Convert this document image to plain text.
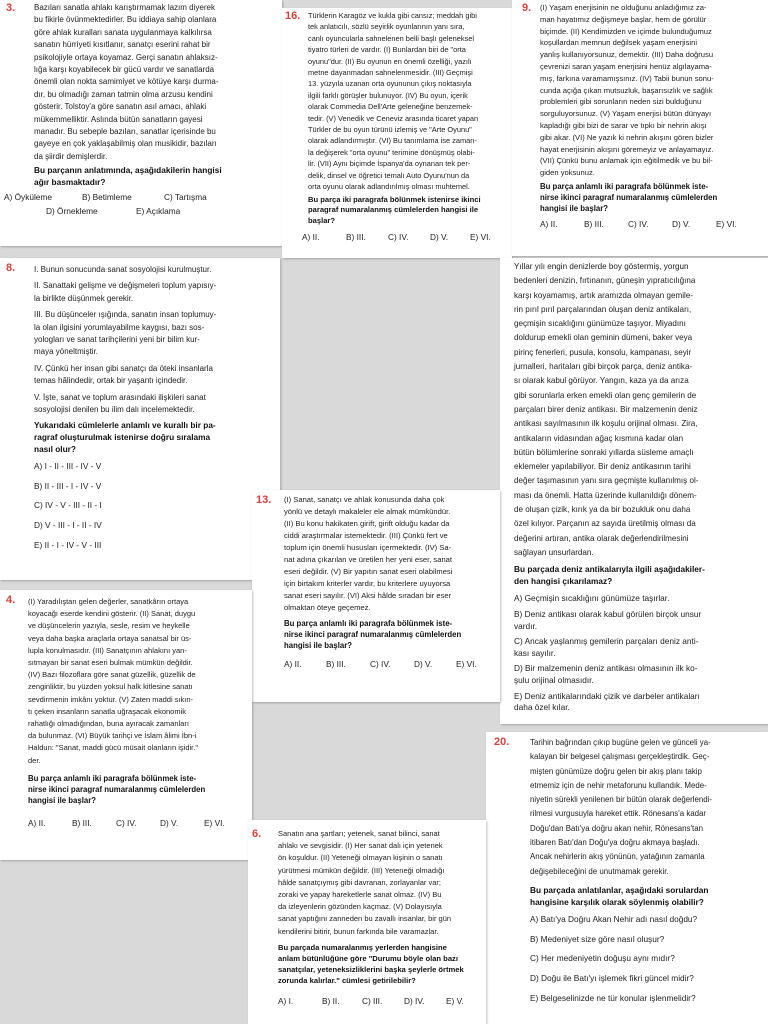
3. Bazıları sanatla ahlakı karıştırmamak lazım diyerek
bu fikirle övünmektedirler. Bu iddiaya sahip olanlara
göre ahlak kuralları sanata uygulanmaya kalkılırsa
sanatın hürriyeti kısıtlanır, sanatçı eserini rahat bir
psikolojiyle ortaya koyamaz. Gerçi sanatın ahlaksız-
lığa karşı koyabilecek bir gücü vardır ve sanatlarda
önemli olan nokta samimiyet ve kötüye karşı durma-
dır, bu olmadığı zaman tatmin olma arzusu kendini
gösterir. Tolstoy'a göre sanatın asıl amacı, ahlaki
mükemmelliktir. Aslında bütün sanatların gayesi
manadır. Bu sebeple bazıları, sanatlar içerisinde bu
gayeye en çok yaklaşabilmiş olan musikidir, bazıları
da şiirdir demişlerdir.

Bu parçanın anlatımında, aşağıdakilerin hangisi
ağır basmaktadır?

A) Öyküleme	B) Betimleme	C) Tartışma
D) Örnekleme	E) Açıklama
16. Türklerin Karagöz ve kukla gibi cansız; meddah gibi
tek anlatıcılı, sözlü seyirlik oyunlarının yanı sıra,
canlı oyuncularla sahnelenen belli başlı geleneksel
tiyatro türleri de vardır. (I) Bunlardan biri de "orta
oyunu"dur. (II) Bu oyunun en önemli özelliği, yazılı
metne dayanmadan sahnelenmesidir. (III) Geçmişi
13. yüzyıla uzanan orta oyununun çıkış noktasıyla
ilgili farklı görüşler bulunuyor. (IV) Bu oyun, içerik
olarak Commedia Dell'Arte geleneğine benzemek-
tedir. (V) Venedik ve Ceneviz arasında ticaret yapan
Türkler de bu oyun türünü izlemiş ve "Arte Oyunu"
olarak adlandırmıştır. (VI) Bu tanımlama ise zaman-
la değişerek "orta oyunu" terimine dönüşmüş olabi-
lir. (VII) Aynı biçimde İspanya'da oynanan tek per-
delik, dinsel ve öğretici temalı Auto Oyunu'nun da
orta oyunu olarak adlandırılmış olması muhtemel.

Bu parça iki paragrafa bölünmek istenirse ikinci
paragraf numaralanmış cümlelerden hangisi ile
başlar?

A) II.	B) III.	C) IV.	D) V.	E) VI.
9. (I) Yaşam enerjisinin ne olduğunu anladığımız za-
man hayatımız değişmeye başlar, hem de görülür
biçimde. (II) Kendimizden ve içimde bulunduğumuz
koşullardan memnun değilsek yaşam enerjisini
yanlış kullanıyorsunuz, demektir. (III) Daha doğrusu
çevrenizi saran yaşam enerjisini henüz algılayama-
mış, farkına varamamışsınız. (IV) Tabii bunun sonu-
cunda açığa çıkan mutsuzluk, başarısızlık ve sağlık
problemleri gibi sorunların neden sizi bulduğunu
sorguluyorsunuz. (V) Yaşam enerjisi bütün dünyayı
kapladığı gibi bizi de sarar ve tıpkı bir nehrin akışı
gibi akar. (VI) Ne yazık ki nehrin akışını gören bizler
hayat enerjisinin akışını göremeyiz ve anlayamayız.
(VII) Çünkü bunu anlamak için eğitilmedik ve bu bil-
giden yoksunuz.

Bu parça anlamlı iki paragrafa bölünmek iste-
nirse ikinci paragraf numaralanmış cümlelerden
hangisi ile başlar?

A) II.	B) III.	C) IV.	D) V.	E) VI.
8. I. Bunun sonucunda sanat sosyolojisi kurulmuştur.

II. Sanattaki gelişme ve değişmeleri toplum yapısıy-
la birlikte düşünmek gerekir.

III. Bu düşünceler ışığında, sanatın insan toplumuy-
la olan ilgisini yorumlayabilme kaygısı, bazı sos-
yologları ve sanat tarihçilerini yeni bir bilim kur-
maya yöneltmiştir.

IV. Çünkü her insan gibi sanatçı da öteki insanlarla
temas hâlindedir, ortak bir yaşantı içindedir.

V. İşte, sanat ve toplum arasındaki ilişkileri sanat
sosyolojisi denilen bu ilim dalı incelemektedir.

Yukarıdaki cümlelerle anlamlı ve kurallı bir pa-
ragraf oluşturulmak istenirse doğru sıralama
nasıl olur?

A) I - II - III - IV - V
B) II - III - I - IV - V
C) IV - V - III - II - I
D) V - III - I - II - IV
E) II - I - IV - V - III

Yıllar yılı engin denizlerde boy göstermiş, yorgun
bedenleri denizin, fırtınanın, güneşin yıpratıcılığına
karşı koyamamış, artık aramızda olmayan gemile-
rin pırıl pırıl parçalarından oluşan deniz antikaları,
geçmişin sıcaklığını günümüze taşıyor. Miyadını
doldurup emekli olan geminin dümeni, baker veya
pirinç fenerleri, pusula, konsolu, kampanası, seyir
jurnalleri, haritaları gibi birçok parça, deniz antika-
sı olarak kabul görüyor. Yangın, kaza ya da arıza
gibi sorunlarla erken emekli olan genç gemilerin de
parçaları birer deniz antikası. Bir malzemenin deniz
antikası sayılmasının ilk koşulu orijinal olması. Zira,
antikaların vidasından ağaç kısmına kadar olan
bütün bölümlerine sonraki yıllarda süsleme amaçlı
eklemeler yapılabiliyor. Bir deniz antikasının tarihi
değer taşımasının yanı sıra geçmişte kullanılmış ol-
ması da önemli. Hatta üzerinde kullanıldığı dönem-
de oluşan çizik, kırık ya da bir bozukluk onu daha
özel kılıyor. Parçanın az sayıda üretilmiş olması da
değerini artıran, antika olarak değerlendirilmesini
sağlayan unsurlardan.

Bu parçada deniz antikalarıyla ilgili aşağıdakiler-
den hangisi çıkarılamaz?

A) Geçmişin sıcaklığını günümüze taşırlar.
B) Deniz antikası olarak kabul görülen birçok unsur
vardır.
C) Ancak yaşlanmış gemilerin parçaları deniz anti-
kası sayılır.
D) Bir malzemenin deniz antikası olmasının ilk ko-
şulu orijinal olmasıdır.
E) Deniz antikalarındaki çizik ve darbeler antikaları
daha özel kılar.
13. (I) Sanat, sanatçı ve ahlak konusunda daha çok
yönlü ve detaylı makaleler ele almak mümkündür.
(II) Bu konu hakikaten girift, girift olduğu kadar da
ciddi araştırmalar istemektedir. (III) Çünkü fert ve
toplum için önemli hususları içermektedir. (IV) Sa-
nat adına çıkarılan ve üretilen her yeni eser, sanat
eseri değildir. (V) Bir yapıtın sanat eseri olabilmesi
için birtakım kriterler vardır, bu kriterlere uyuyorsa
sanat eseri sayılır. (VI) Aksi hâlde sıradan bir eser
olmaktan öteye geçemez.

Bu parça anlamlı iki paragrafa bölünmek iste-
nirse ikinci paragraf numaralanmış cümlelerden
hangisi ile başlar?

A) II.	B) III.	C) IV.	D) V.	E) VI.
4. (I) Yaradılıştan gelen değerler, sanatkârın ortaya
koyacağı eserde kendini gösterir. (II) Sanat, duygu
ve düşüncelerin yazıyla, sesle, resim ve heykelle
veya daha başka araçlarla ortaya sanatsal bir üs-
lupla konulmasıdır. (III) Sanatçının ahlakını yan-
sıtmayan bir sanat eseri bulmak mümkün değildir.
(IV) Bazı filozoflara göre sanat güzellik, güzellik de
zenginliktir, bu yüzden yoksul halk kitlesine sanatı
sevdirmenin imkânı yoktur. (V) Zaten maddi sıkın-
tı çeken insanların sanatla uğraşacak ekonomik
rahatlığı olmadığından, buna ayıracak zamanları
da bulunmaz. (VI) Büyük tarihçi ve İslam âlimi İbn-i
Haldun: "Sanat, maddi gücü müsait olanların işidir."
der.

Bu parça anlamlı iki paragrafa bölünmek iste-
nirse ikinci paragraf numaralanmış cümlelerden
hangisi ile başlar?

A) II.	B) III.	C) IV.	D) V.	E) VI.
20.	Tarihin bağrından çıkıp bugüne gelen ve günceli ya-
kalayan bir belgesel çalışması gerçekleştirdik. Geç-
mişten günümüze doğru gelen bir akış planı takip
etmemiz için de nehir metaforunu kullandık. Mede-
niyetin sürekli yenilenen bir bütün olarak değerlendi-
rilmesi vurgusuyla hareket ettik. Rönesans'a kadar
Doğu'dan Batı'ya doğru akan nehir, Rönesans'tan
itibaren Batı'dan Doğu'ya doğru akmaya başladı.
Ancak nehirlerin akış yönünün, yatağının zamanla
değişebileceğini de unutmamak gerekir.

Bu parçada anlatılanlar, aşağıdaki sorulardan
hangisine karşılık olarak söylenmiş olabilir?

A) Batı'ya Doğru Akan Nehir adı nasıl doğdu?
B) Medeniyet size göre nasıl oluşur?
C) Her medeniyetin doğuşu aynı mıdır?
D) Doğu ile Batı'yı işlemek fikri güncel midir?
E) Belgeselinizde ne tür konular işlenmelidir?
6. Sanatın ana şartları; yetenek, sanat bilinci, sanat
ahlakı ve sevgisidir. (I) Her sanat dalı için yetenek
ön koşuldur. (II) Yeteneği olmayan kişinin o sanatı
yürütmesi mümkün değildir. (III) Yeteneği olmadığı
hâlde sanatçıymış gibi davranan, zorlayanlar var;
zoraki ve yapay hareketlerle sanat olmaz. (IV) Bu
da izleyenlerin gözünden kaçmaz. (V) Dolayısıyla
sanat yaptığını zanneden bu zavallı insanlar, bir gün
kendilerini bitirir, bunun farkında bile varamazlar.

Bu parçada numaralanmış yerlerden hangisine
anlam bütünlüğüne göre "Durumu böyle olan bazı
sanatçılar, yeteneksizliklerini başka şeylerle örtmek
zorunda kalırlar." cümlesi getirilebilir?

A) I.	B) II.	C) III.	D) IV.	E) V.
